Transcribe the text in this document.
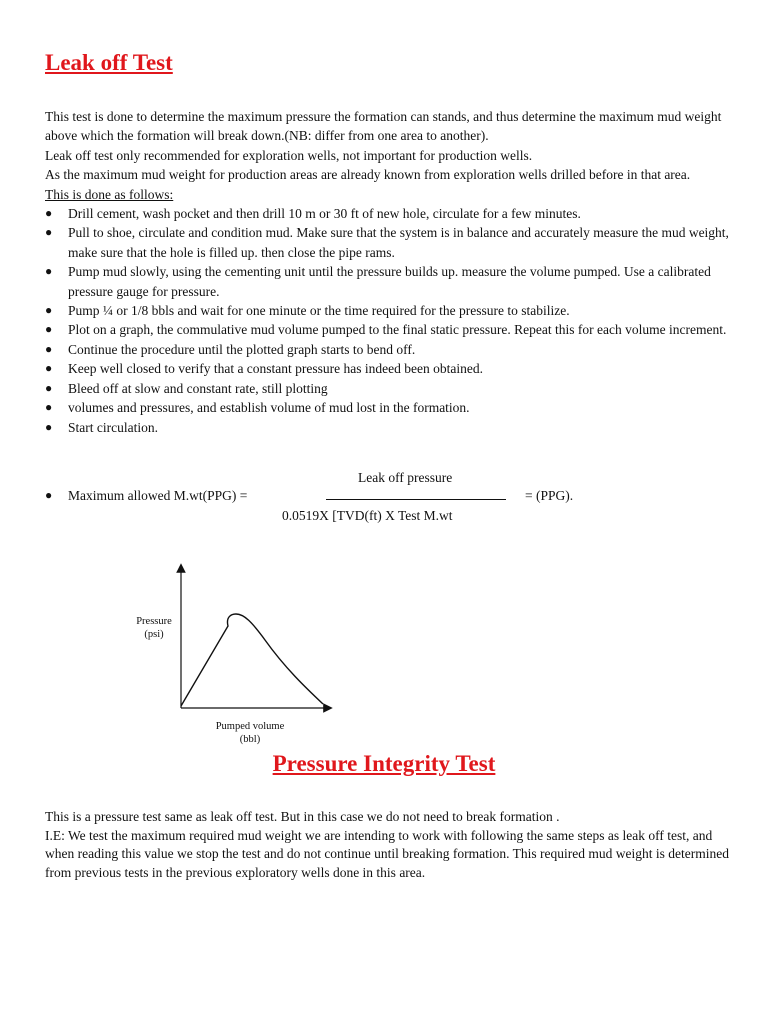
Leak off Test

This test is done to determine the maximum pressure the formation can stands, and thus determine the maximum mud weight above which the formation will break down.(NB: differ from one area to another).

Leak off test only recommended for exploration wells, not important for production wells.

As the maximum mud weight for production areas are already known from exploration wells drilled before in that area.

This is done as follows:

● Drill cement, wash pocket and then drill 10 m or 30 ft of new hole, circulate for a few minutes.
● Pull to shoe, circulate and condition mud. Make sure that the system is in balance and accurately measure the mud weight, make sure that the hole is filled up. then close the pipe rams.
● Pump mud slowly, using the cementing unit until the pressure builds up. measure the volume pumped. Use a calibrated pressure gauge for pressure.
● Pump ¼ or 1/8 bbls and wait for one minute or the time required for the pressure to stabilize.
● Plot on a graph, the commulative mud volume pumped to the final static pressure. Repeat this for each volume increment.
● Continue the procedure until the plotted graph starts to bend off.
● Keep well closed to verify that a constant pressure has indeed been obtained.
● Bleed off at slow and constant rate, still plotting
● volumes and pressures, and establish volume of mud lost in the formation.
● Start circulation.
● Maximum allowed M.wt(PPG) =
Leak off pressure
0.0519X [TVD(ft) X Test M.wt
= (PPG).
Pressure
(psi)
Pumped volume
(bbl)
Pressure Integrity Test

This is a pressure test same as leak off test. But in this case we do not need to break formation .

I.E: We test the maximum required mud weight we are intending to work with following the same steps as leak off test, and when reading this value we stop the test and do not continue until breaking formation. This required mud weight is determined from previous tests in the previous exploratory wells done in this area.
